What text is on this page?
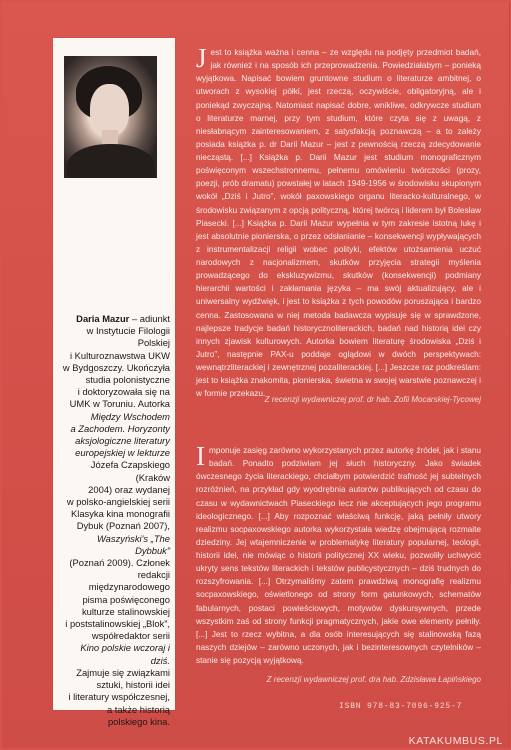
Daria Mazur – adiunkt
w Instytucie Filologii Polskiej
i Kulturoznawstwa UKW
w Bydgoszczy. Ukończyła
studia polonistyczne
i doktoryzowała się na
UMK w Toruniu. Autorka
Między Wschodem
a Zachodem. Horyzonty
aksjologiczne literatury
europejskiej w lekturze
Józefa Czapskiego (Kraków
2004) oraz wydanej
w polsko-angielskiej serii
Klasyka kina monografii
Dybuk (Poznań 2007),
Waszyński's „The Dybbuk”
(Poznań 2009). Członek
redakcji międzynarodowego
pisma poświęconego
kulturze stalinowskiej
i poststalinowskiej „Blok”,
współredaktor serii
Kino polskie wczoraj i dziś.
Zajmuje się związkami
sztuki, historii idei
i literatury współczesnej,
a także historią
polskiego kina.
Jest to książka ważna i cenna – ze względu na podjęty przedmiot badań, jak również i na sposób ich przeprowadzenia. Powiedziałabym – ponieką wyjątkowa. Napisać bowiem gruntowne studium o literaturze ambitnej, o utworach z wysokiej półki, jest rzeczą, oczywiście, obligatoryjną, ale i poniekąd zwyczajną. Natomiast napisać dobre, wnikliwe, odkrywcze studium o literaturze marnej, przy tym studium, które czyta się z uwagą, z niesłabnącym zainteresowaniem, z satysfakcją poznawczą – a to zależy posiada książka p. dr Darii Mazur – jest z pewnością rzeczą zdecydowanie niecząstą. [...] Książka p. Darii Mazur jest studium monograficznym poświęconym wszechstronnemu, pełnemu omówieniu twórczości (prozy, poezji, prób dramatu) powstałej w latach 1949-1956 w środowisku skupionym wokół „Dziś i Jutro”, wokół paxowskiego organu literacko-kulturalnego, w środowisku związanym z opcją polityczną, której twórcą i liderem był Bolesław Piasecki. [...] Książka p. Darii Mazur wypełnia w tym zakresie istotną lukę i jest absolutnie pionierska, o przez odsłanianie – konsekwencji wypływających z instrumentalizacji religii wobec polityki, efektów utożsamienia uczuć narodowych z nacjonalizmem, skutków przyjęcia strategii myślenia prowadzącego do ekskluzywizmu, skutków (konsekwencji) podmiany hierarchii wartości i zakłamania języka – ma swój aktualizujący, ale i uniwersalny wydźwięk, i jest to książka z tych powodów poruszająca i bardzo cenna. Zastosowana w niej metoda badawcza wypisuje się w sprawdzone, najlepsze tradycje badań historycznoliterackich, badań nad historią idei czy innych zjawisk kulturowych. Autorka bowiem literaturę środowiska „Dziś i Jutro”, następnie PAX-u poddaje oglądowi w dwóch perspektywach: wewnątrzliterackiej i zewnętrznej pozaliterackiej. [...] Jeszcze raz podkreślam: jest to książka znakomita, pionierska, świetna w swojej warstwie poznawczej i w formie przekazu.
Z recenzji wydawniczej prof. dr hab. Zofii Mocarskiej-Tycowej
Imponuje zasięg zarówno wykorzystanych przez autorkę źródeł, jak i stanu badań. Ponadto podziwiam jej słuch historyczny. Jako świadek ówczesnego życia literackiego, chciałbym potwierdzić trafność jej subtelnych rozróżnień, na przykład gdy wyodrębnia autorów publikujących od czasu do czasu w wydawnictwach Piaseckiego lecz nie akceptujących jego programu ideologicznego. [...] Aby rozpoznać właściwą funkcję, jaką pełniły utwory realizmu socpaxowskiego autorka wykorzystała wiedzę obejmującą rozmaite dziedziny. Jej wtajemniczenie w problematykę literatury popularnej, teologii, historii idei, nie mówiąc o historii politycznej XX wieku, pozwoliły uchwycić ukryty sens tekstów literackich i tekstów publicystycznych – dziś trudnych do rozszyfrowania. [...] Otrzymaliśmy zatem prawdziwą monografię realizmu socpaxowskiego, oświetlonego od strony form gatunkowych, schematów fabularnych, postaci powieściowych, motywów dyskursywnych, przede wszystkim zaś od strony funkcji pragmatycznych, jakie owe elementy pełniły. [...] Jest to rzecz wybitna, a dla osób interesujących się stalinowską fazą naszych dziejów – zarówno uczonych, jak i bezinteresownych czytelników – stanie się pozycją wyjątkową.
Z recenzji wydawniczej prof. dra hab. Zdzisława Łapińskiego
ISBN 978-83-7096-925-7
KATAKUMBUS.PL
